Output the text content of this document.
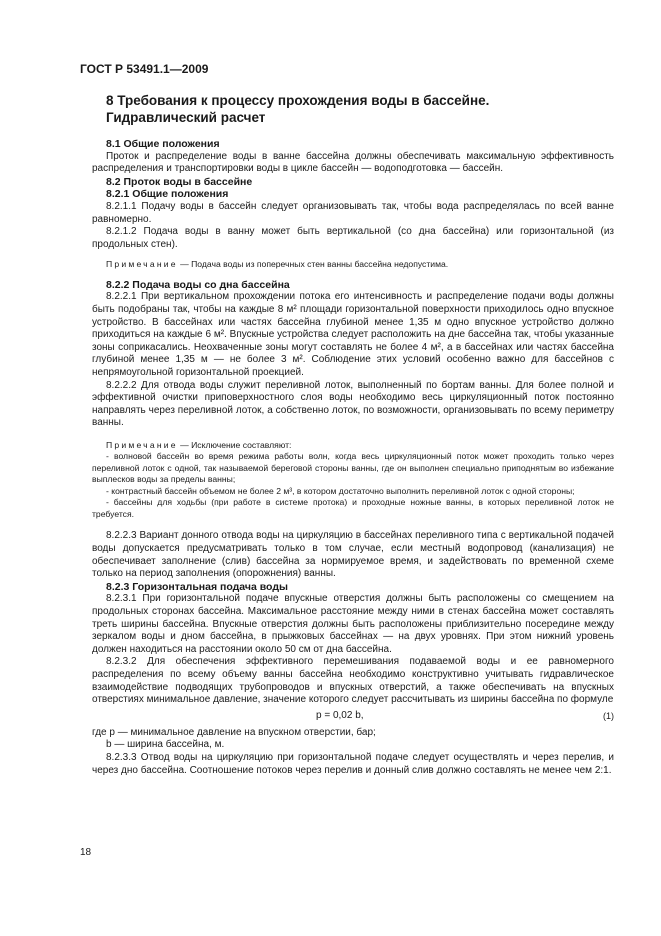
ГОСТ Р 53491.1—2009
8 Требования к процессу прохождения воды в бассейне.
Гидравлический расчет

8.1 Общие положения

Проток и распределение воды в ванне бассейна должны обеспечивать максимальную эффективность распределения и транспортировки воды в цикле бассейн — водоподготовка — бассейн.

8.2 Проток воды в бассейне

8.2.1 Общие положения

8.2.1.1 Подачу воды в бассейн следует организовывать так, чтобы вода распределялась по всей ванне равномерно.

8.2.1.2 Подача воды в ванну может быть вертикальной (со дна бассейна) или горизонтальной (из продольных стен).

Примечание — Подача воды из поперечных стен ванны бассейна недопустима.

8.2.2 Подача воды со дна бассейна

8.2.2.1 При вертикальном прохождении потока его интенсивность и распределение подачи воды должны быть подобраны так, чтобы на каждые 8 м² площади горизонтальной поверхности приходилось одно впускное устройство. В бассейнах или частях бассейна глубиной менее 1,35 м одно впускное устройство должно приходиться на каждые 6 м². Впускные устройства следует расположить на дне бассейна так, чтобы указанные зоны соприкасались. Неохваченные зоны могут составлять не более 4 м², а в бассейнах или частях бассейна глубиной менее 1,35 м — не более 3 м². Соблюдение этих условий особенно важно для бассейнов с непрямоугольной горизонтальной проекцией.

8.2.2.2 Для отвода воды служит переливной лоток, выполненный по бортам ванны. Для более полной и эффективной очистки приповерхностного слоя воды необходимо весь циркуляционный поток постоянно направлять через переливной лоток, а собственно лоток, по возможности, организовывать по всему периметру ванны.

Примечание — Исключение составляют:

- волновой бассейн во время режима работы волн, когда весь циркуляционный поток может проходить только через переливной лоток с одной, так называемой береговой стороны ванны, где он выполнен специально приподнятым во избежание выплесков воды за пределы ванны;

- контрастный бассейн объемом не более 2 м³, в котором достаточно выполнить переливной лоток с одной стороны;

- бассейны для ходьбы (при работе в системе протока) и проходные ножные ванны, в которых переливной лоток не требуется.

8.2.2.3 Вариант донного отвода воды на циркуляцию в бассейнах переливного типа с вертикальной подачей воды допускается предусматривать только в том случае, если местный водопровод (канализация) не обеспечивает заполнение (слив) бассейна за нормируемое время, и задействовать по временной схеме только на период заполнения (опорожнения) ванны.

8.2.3 Горизонтальная подача воды

8.2.3.1 При горизонтальной подаче впускные отверстия должны быть расположены со смещением на продольных сторонах бассейна. Максимальное расстояние между ними в стенах бассейна может составлять треть ширины бассейна. Впускные отверстия должны быть расположены приблизительно посередине между зеркалом воды и дном бассейна, в прыжковых бассейнах — на двух уровнях. При этом нижний уровень должен находиться на расстоянии около 50 см от дна бассейна.

8.2.3.2 Для обеспечения эффективного перемешивания подаваемой воды и ее равномерного распределения по всему объему ванны бассейна необходимо конструктивно учитывать гидравлическое взаимодействие подводящих трубопроводов и впускных отверстий, а также обеспечивать на впускных отверстиях минимальное давление, значение которого следует рассчитывать из ширины бассейна по формуле

p = 0,02 b,	(1)

где p — минимальное давление на впускном отверстии, бар;

b — ширина бассейна, м.

8.2.3.3 Отвод воды на циркуляцию при горизонтальной подаче следует осуществлять и через перелив, и через дно бассейна. Соотношение потоков через перелив и донный слив должно составлять не менее чем 2:1.

18
